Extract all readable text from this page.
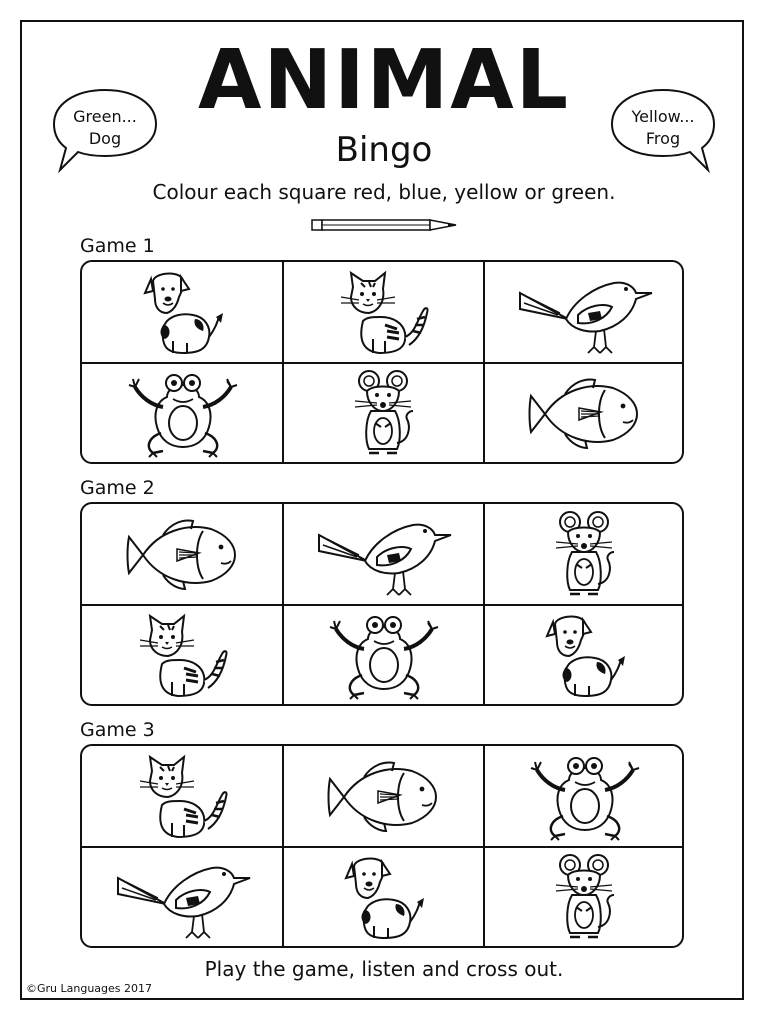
ANIMAL
Bingo
Colour each square red, blue, yellow or green.
Green...
Dog
Yellow...
Frog
Game 1
Game 2
Game 3
Play the game, listen and cross out.
©Gru Languages 2017
